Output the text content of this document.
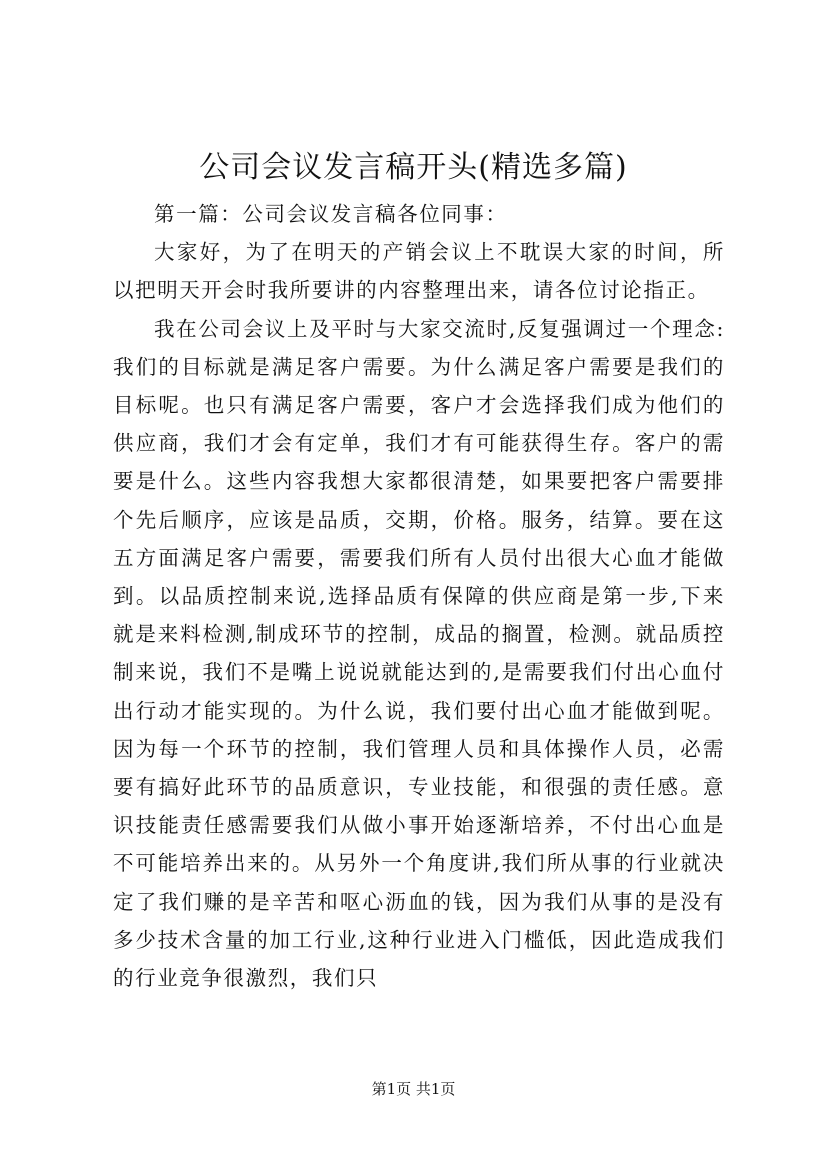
公司会议发言稿开头(精选多篇)

第一篇：公司会议发言稿各位同事：

大家好，为了在明天的产销会议上不耽误大家的时间，所以把明天开会时我所要讲的内容整理出来，请各位讨论指正。

我在公司会议上及平时与大家交流时,反复强调过一个理念:我们的目标就是满足客户需要。为什么满足客户需要是我们的目标呢。也只有满足客户需要，客户才会选择我们成为他们的供应商，我们才会有定单，我们才有可能获得生存。客户的需要是什么。这些内容我想大家都很清楚，如果要把客户需要排个先后顺序，应该是品质，交期，价格。服务，结算。要在这五方面满足客户需要，需要我们所有人员付出很大心血才能做到。以品质控制来说,选择品质有保障的供应商是第一步,下来就是来料检测,制成环节的控制，成品的搁置，检测。就品质控制来说，我们不是嘴上说说就能达到的,是需要我们付出心血付出行动才能实现的。为什么说，我们要付出心血才能做到呢。因为每一个环节的控制，我们管理人员和具体操作人员，必需要有搞好此环节的品质意识，专业技能，和很强的责任感。意识技能责任感需要我们从做小事开始逐渐培养，不付出心血是不可能培养出来的。从另外一个角度讲,我们所从事的行业就决定了我们赚的是辛苦和呕心沥血的钱，因为我们从事的是没有多少技术含量的加工行业,这种行业进入门槛低，因此造成我们的行业竞争很激烈，我们只

第1页 共1页
